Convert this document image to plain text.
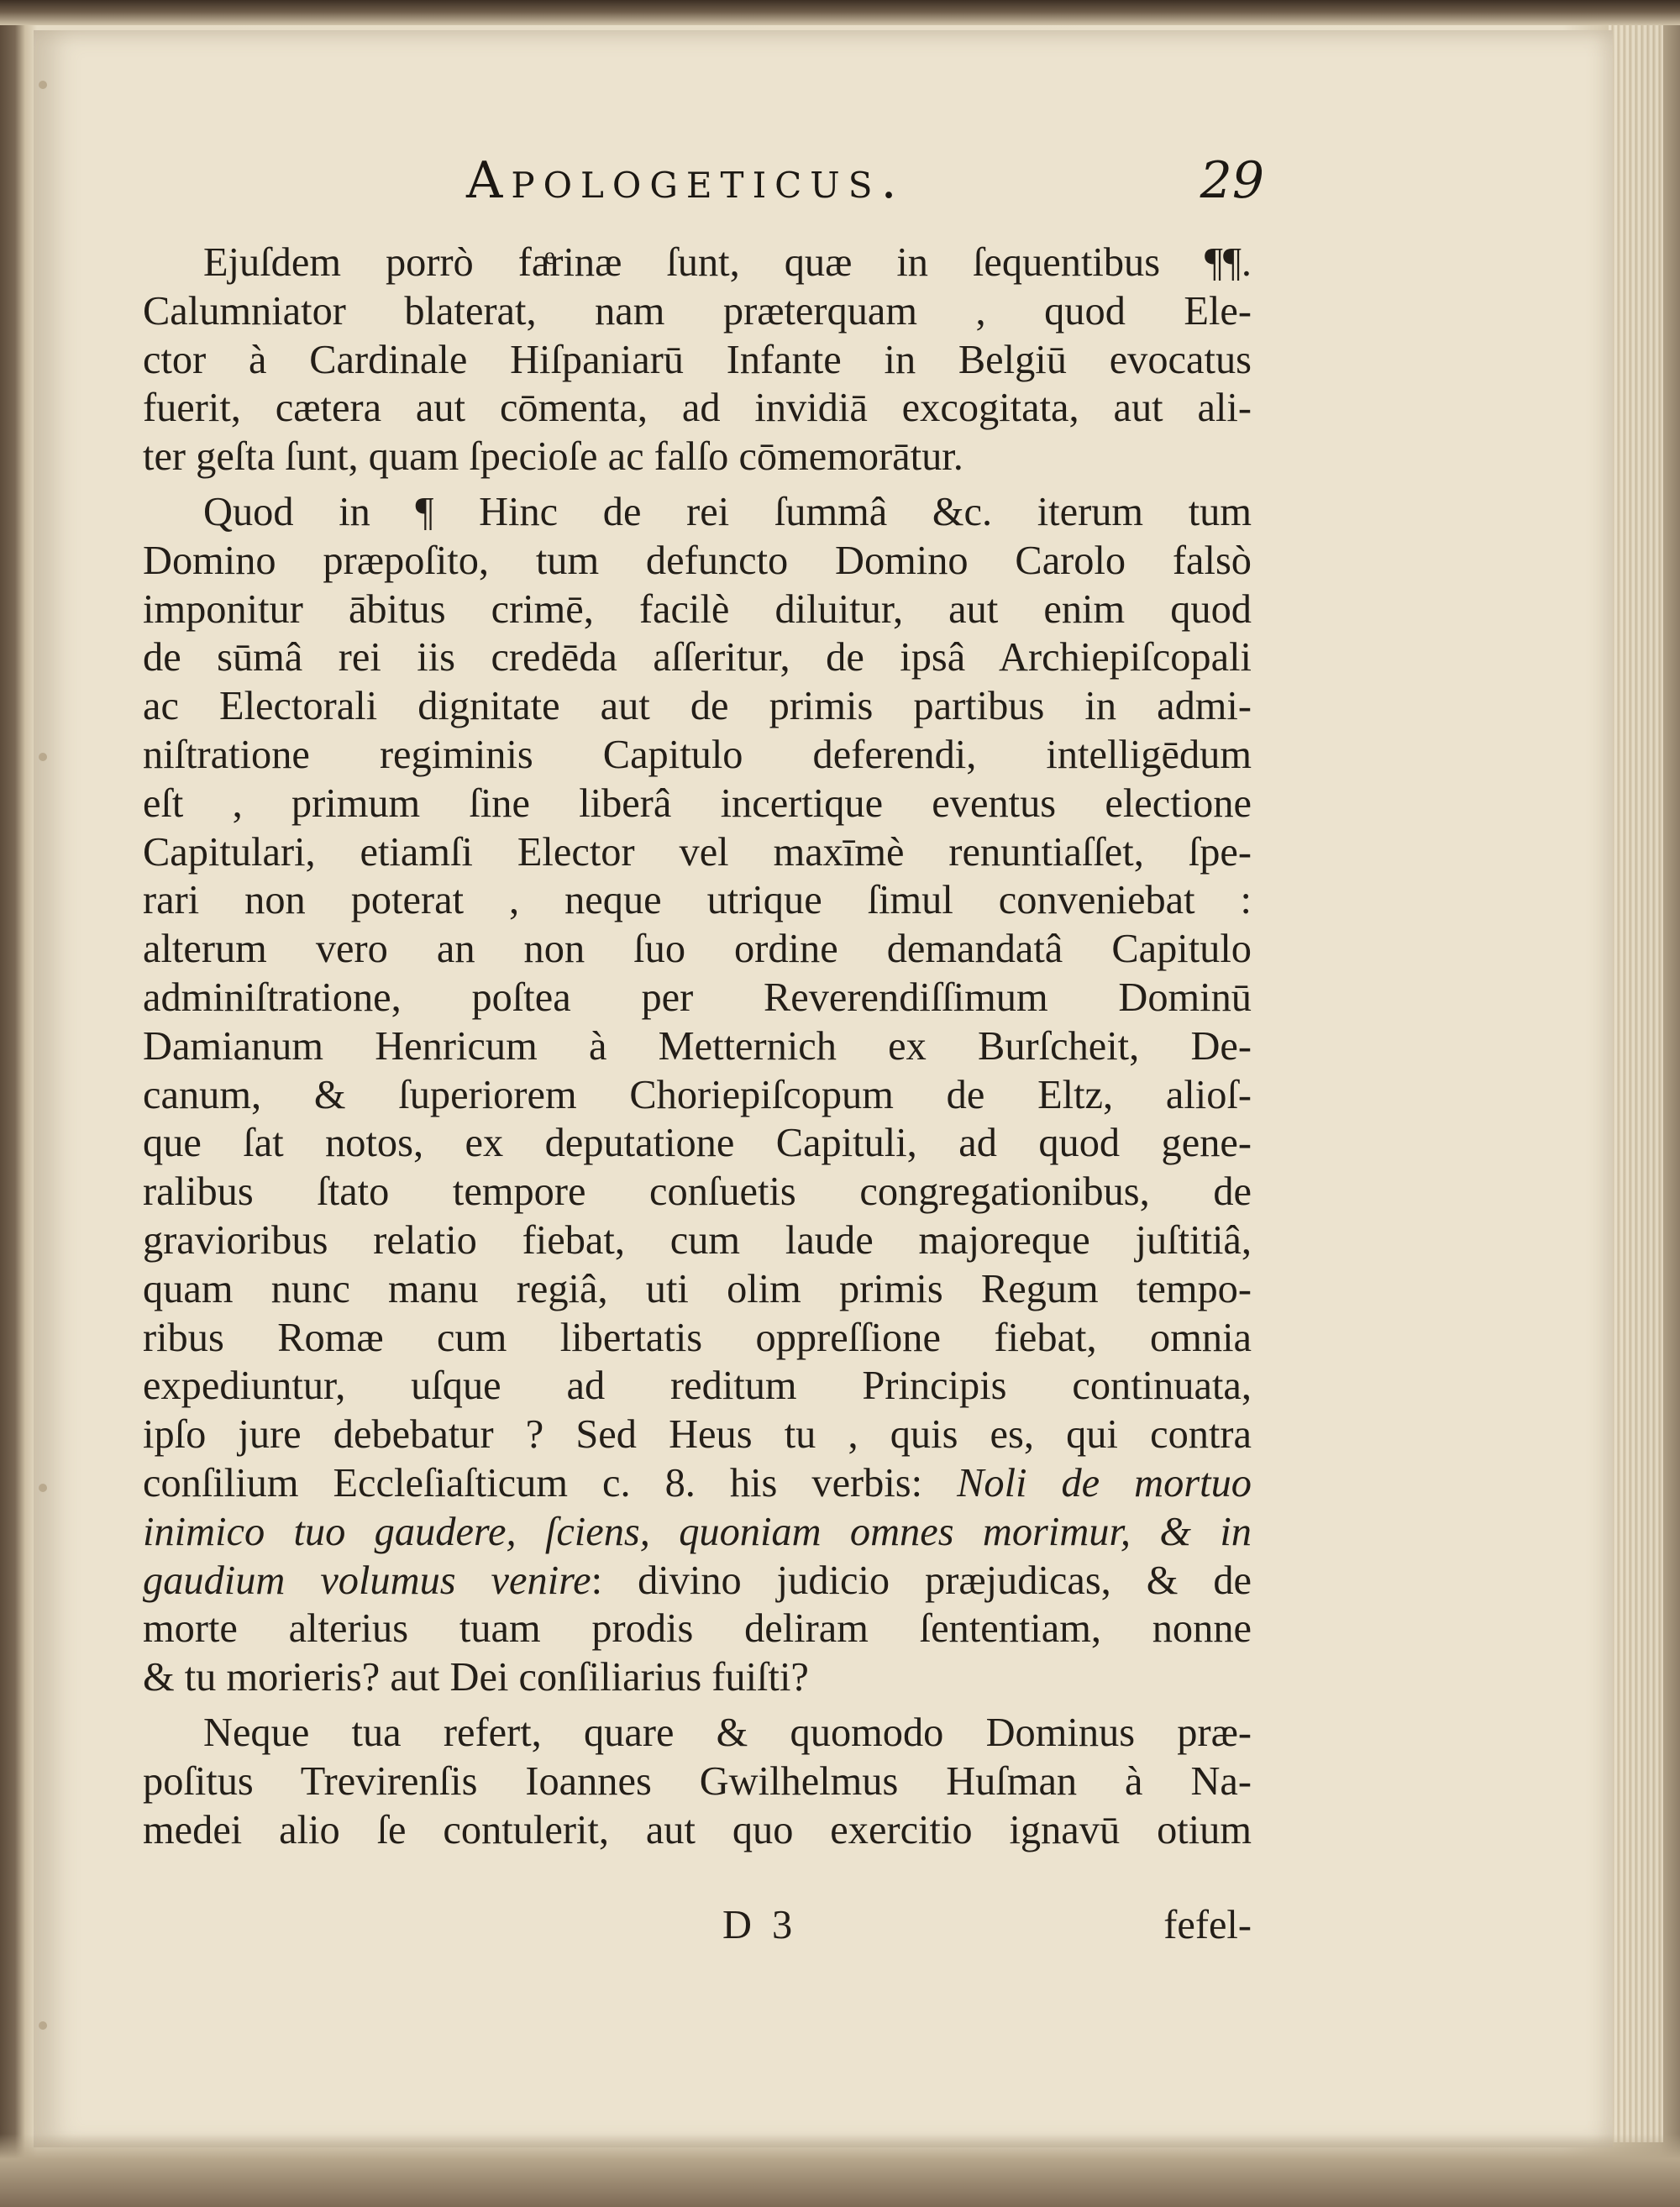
Apologeticus.	29
Ejuſdem porrò faͤrinæ ſunt, quæ in ſequentibus ¶¶.
Calumniator blaterat, nam præterquam , quod Ele-
ctor à Cardinale Hiſpaniarū Infante in Belgiū evocatus
fuerit, cætera aut cōmenta, ad invidiā excogitata, aut ali-
ter geſta ſunt, quam ſpecioſe ac falſo cōmemorātur.
Quod in ¶ Hinc de rei ſummâ &c. iterum tum
Domino præpoſito, tum defuncto Domino Carolo falsò
imponitur ābitus crimē, facilè diluitur, aut enim quod
de sūmâ rei iis credēda aſſeritur, de ipsâ Archiepiſcopali
ac Electorali dignitate aut de primis partibus in admi-
niſtratione regiminis Capitulo deferendi, intelligēdum
eſt , primum ſine liberâ incertique eventus electione
Capitulari, etiamſi Elector vel maxīmè renuntiaſſet, ſpe-
rari non poterat , neque utrique ſimul conveniebat :
alterum vero an non ſuo ordine demandatâ Capitulo
adminiſtratione, poſtea per Reverendiſſimum Dominū
Damianum Henricum à Metternich ex Burſcheit, De-
canum, & ſuperiorem Choriepiſcopum de Eltz, alioſ-
que ſat notos, ex deputatione Capituli, ad quod gene-
ralibus ſtato tempore conſuetis congregationibus, de
gravioribus relatio fiebat, cum laude majoreque juſtitiâ,
quam nunc manu regiâ, uti olim primis Regum tempo-
ribus Romæ cum libertatis oppreſſione fiebat, omnia
expediuntur, uſque ad reditum Principis continuata,
ipſo jure debebatur ? Sed Heus tu , quis es, qui contra
conſilium Eccleſiaſticum c. 8. his verbis: Noli de mortuo
inimico tuo gaudere, ſciens, quoniam omnes morimur, & in
gaudium volumus venire: divino judicio præjudicas, & de
morte alterius tuam prodis deliram ſententiam, nonne
& tu morieris? aut Dei conſiliarius fuiſti?
Neque tua refert, quare & quomodo Dominus præ-
poſitus Trevirenſis Ioannes Gwilhelmus Huſman à Na-
medei alio ſe contulerit, aut quo exercitio ignavū otium
D 3	fefel-
